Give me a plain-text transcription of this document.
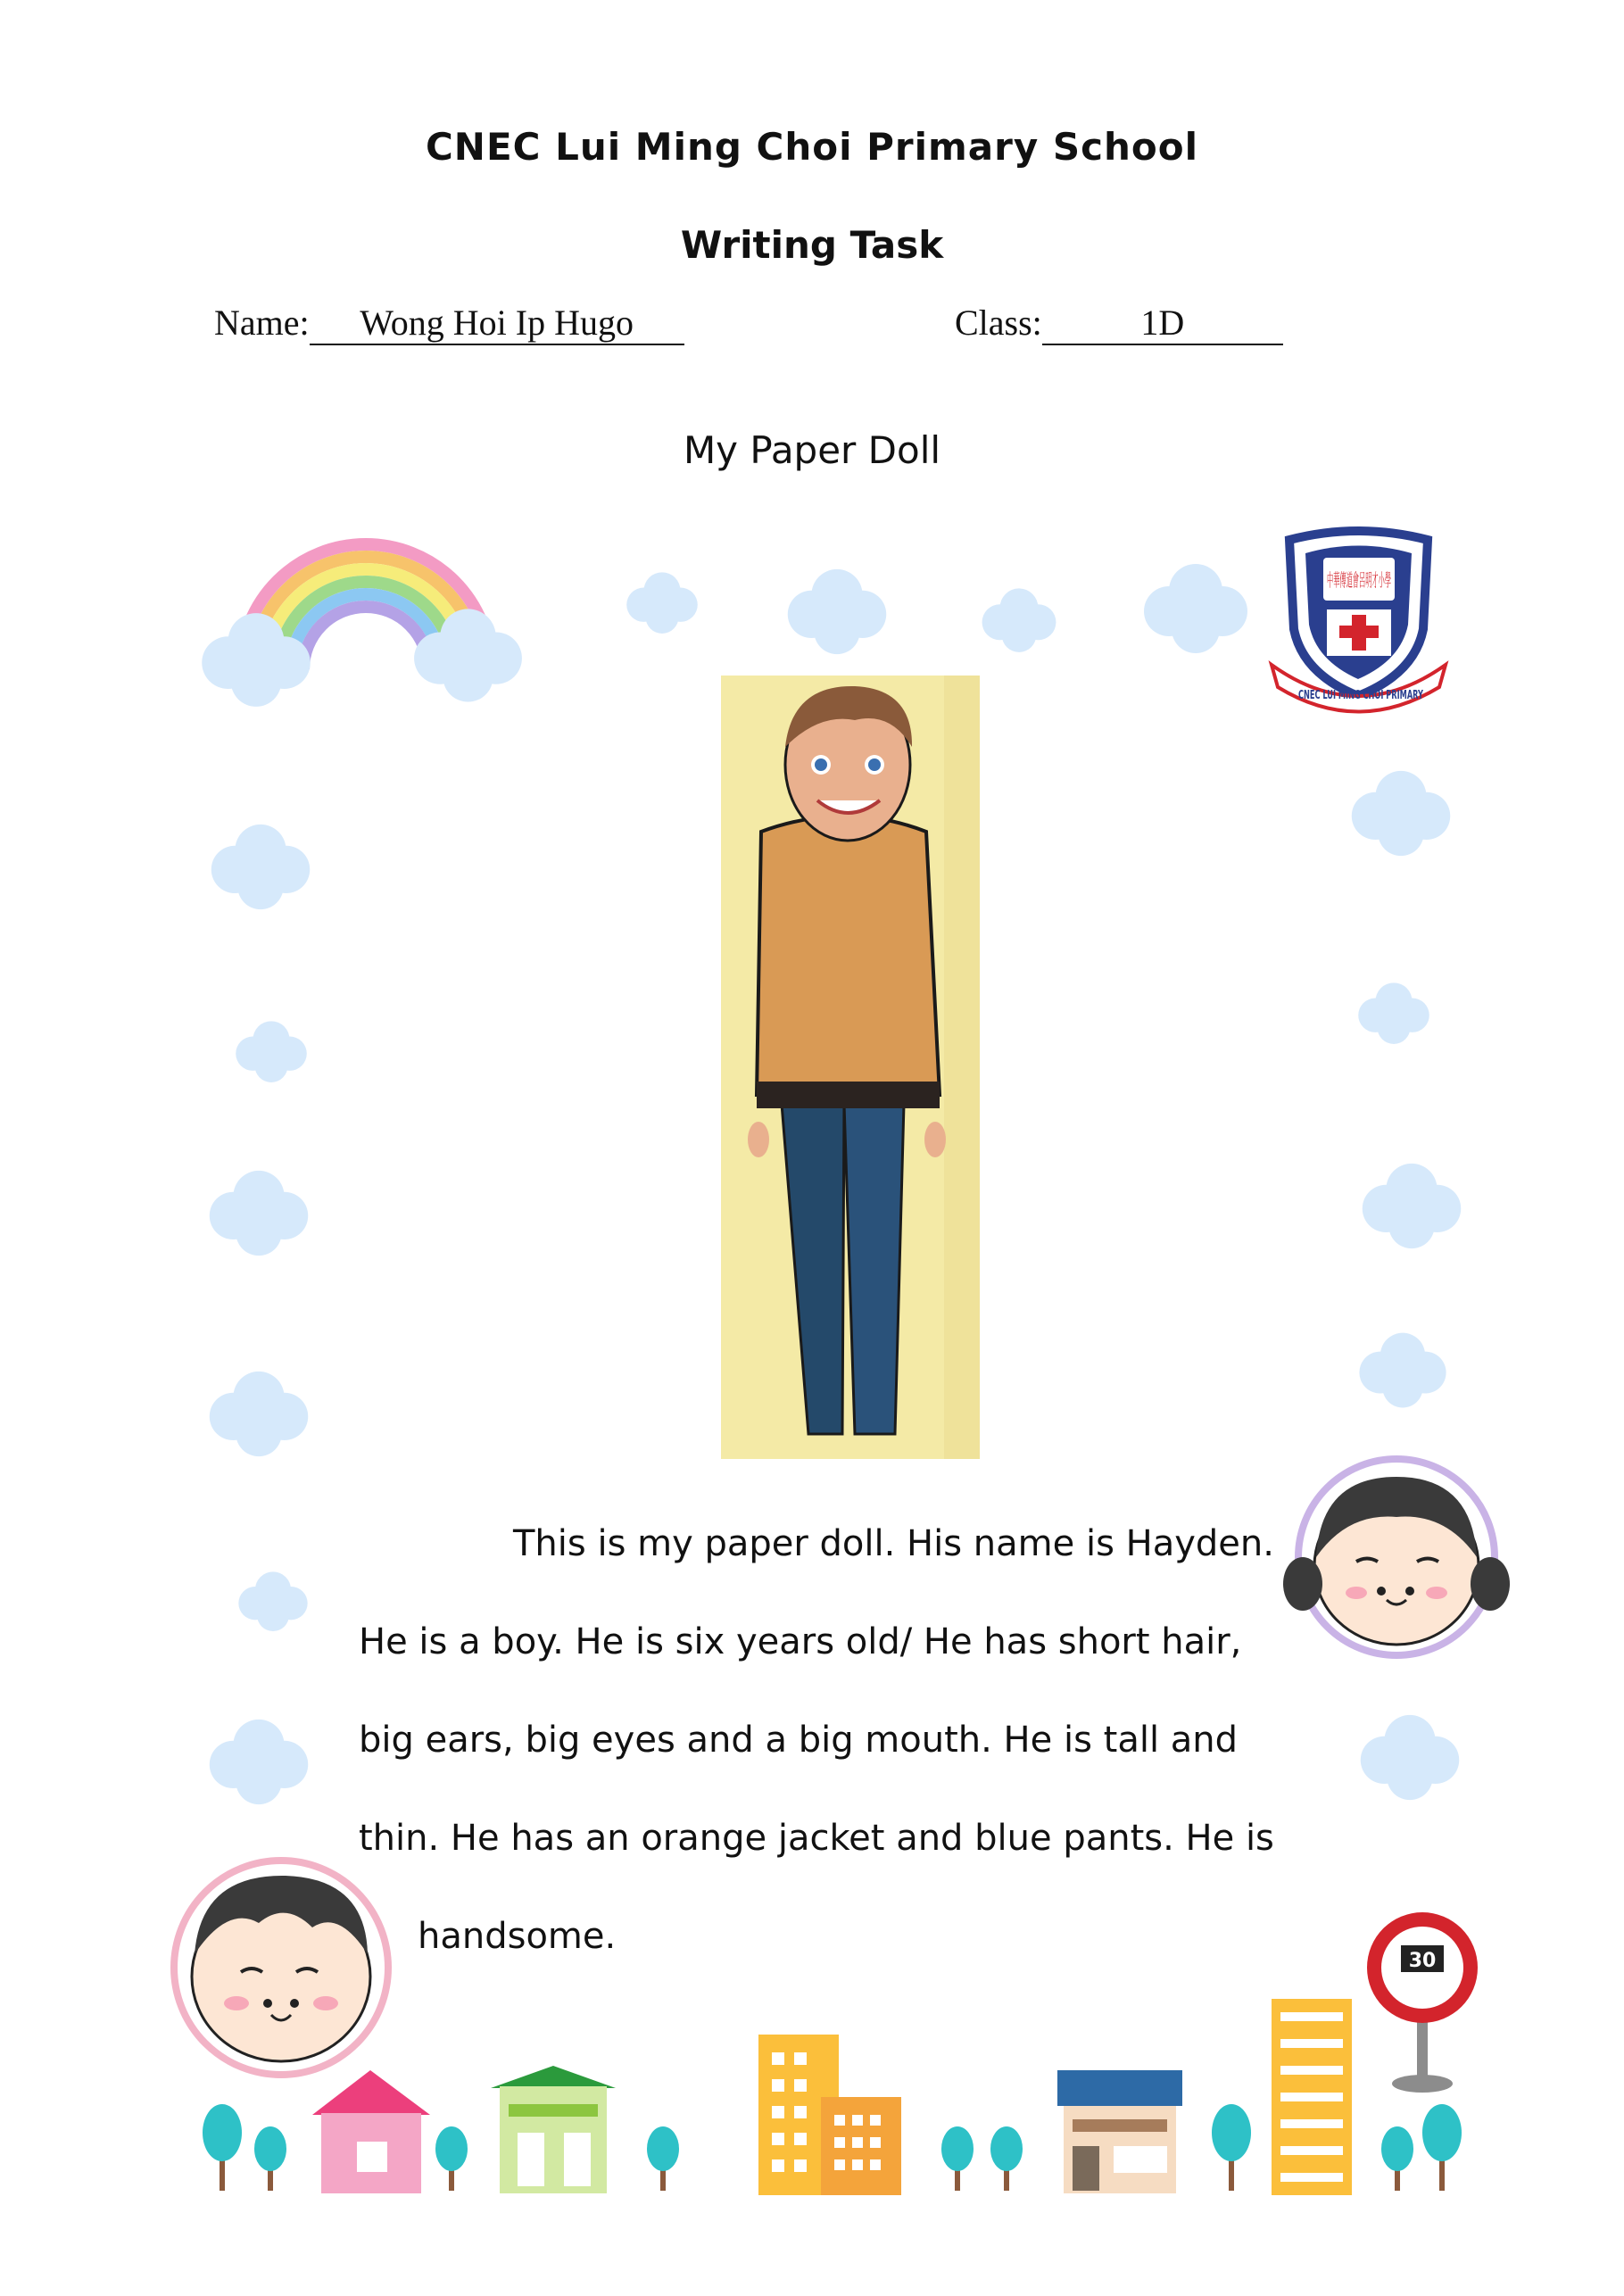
CNEC Lui Ming Choi Primary School
Writing Task
Name: Wong Hoi Ip Hugo	Class:	1D
My Paper Doll
中華傳道會呂明才小學
CNEC LUI MING CHOI PRIMARY
This is my paper doll. His name is Hayden.
He is a boy. He is six years old/ He has short hair,
big ears, big eyes and a big mouth. He is tall and
thin. He has an orange jacket and blue pants. He is
handsome.
30
